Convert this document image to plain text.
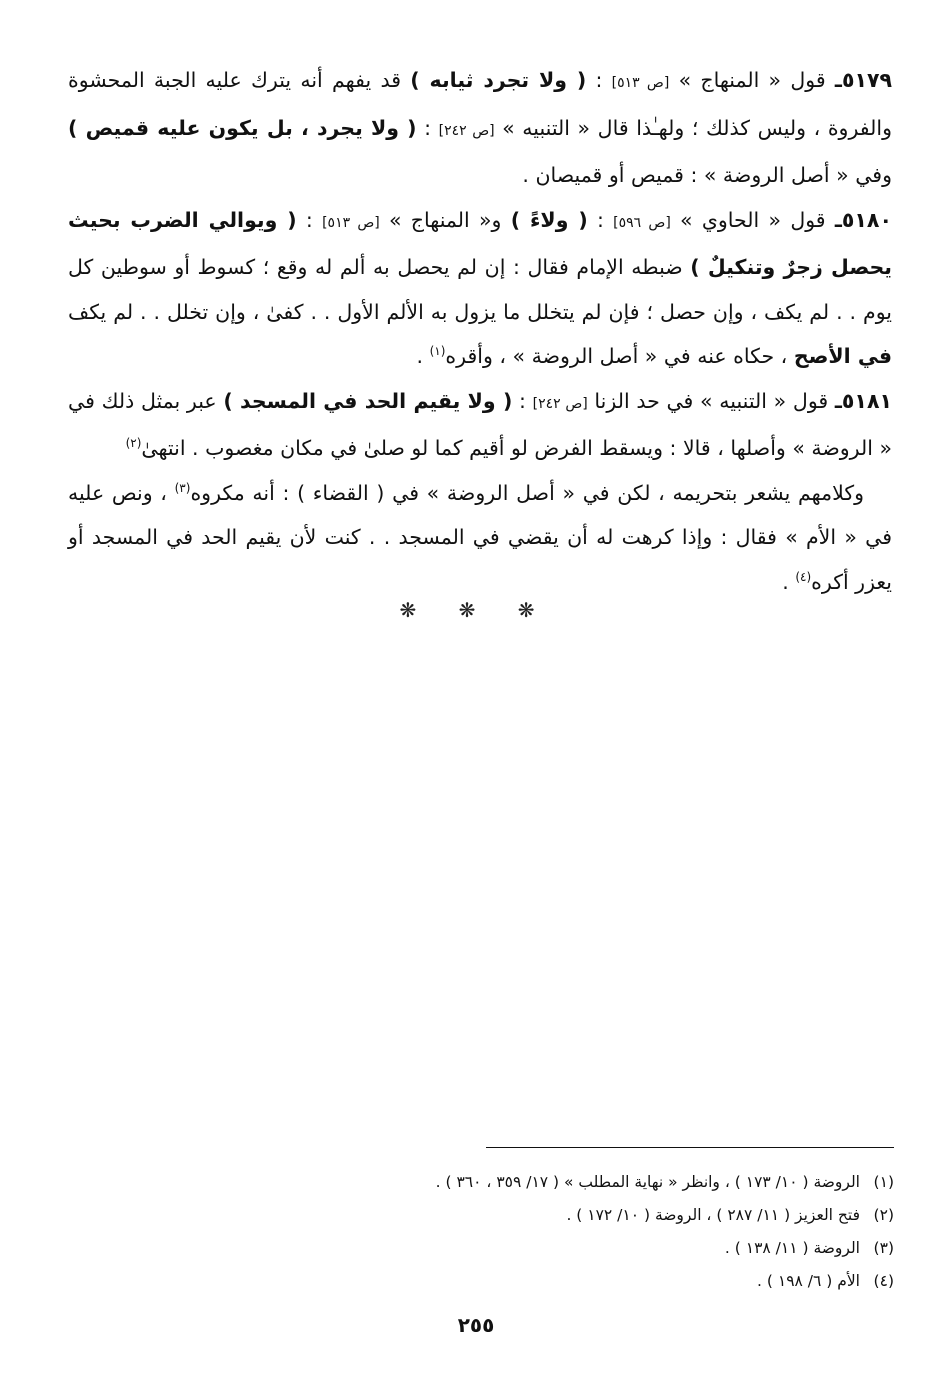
٥١٧٩ـ قول « المنهاج » [ص ٥١٣] : ( ولا تجرد ثيابه ) قد يفهم أنه يترك عليه الجبة المحشوة والفروة ، وليس كذلك ؛ ولهـٰذا قال « التنبيه » [ص ٢٤٢] : ( ولا يجرد ، بل يكون عليه قميص ) وفي « أصل الروضة » : قميص أو قميصان .

٥١٨٠ـ قول « الحاوي » [ص ٥٩٦] : ( ولاءً ) و« المنهاج » [ص ٥١٣] : ( ويوالي الضرب بحيث يحصل زجرٌ وتنكيلٌ ) ضبطه الإمام فقال : إن لم يحصل به ألم له وقع ؛ كسوط أو سوطين كل يوم . . لم يكف ، وإن حصل ؛ فإن لم يتخلل ما يزول به الألم الأول . . كفىٰ ، وإن تخلل . . لم يكف في الأصح ، حكاه عنه في « أصل الروضة » ، وأقره$^{(١)}$ .

٥١٨١ـ قول « التنبيه » في حد الزنا [ص ٢٤٢] : ( ولا يقيم الحد في المسجد ) عبر بمثل ذلك في « الروضة » وأصلها ، قالا : ويسقط الفرض لو أقيم كما لو صلىٰ في مكان مغصوب . انتهىٰ$^{(٢)}$

وكلامهم يشعر بتحريمه ، لكن في « أصل الروضة » في ( القضاء ) : أنه مكروه$^{(٣)}$ ، ونص عليه في « الأم » فقال : وإذا كرهت له أن يقضي في المسجد . . كنت لأن يقيم الحد في المسجد أو يعزر أكره$^{(٤)}$ .

❋ ❋ ❋
(١)الروضة ( ١٠/ ١٧٣ ) ، وانظر « نهاية المطلب » ( ١٧/ ٣٥٩ ، ٣٦٠ ) .
(٢)فتح العزيز ( ١١/ ٢٨٧ ) ، الروضة ( ١٠/ ١٧٢ ) .
(٣)الروضة ( ١١/ ١٣٨ ) .
(٤)الأم ( ٦/ ١٩٨ ) .
٢٥٥
